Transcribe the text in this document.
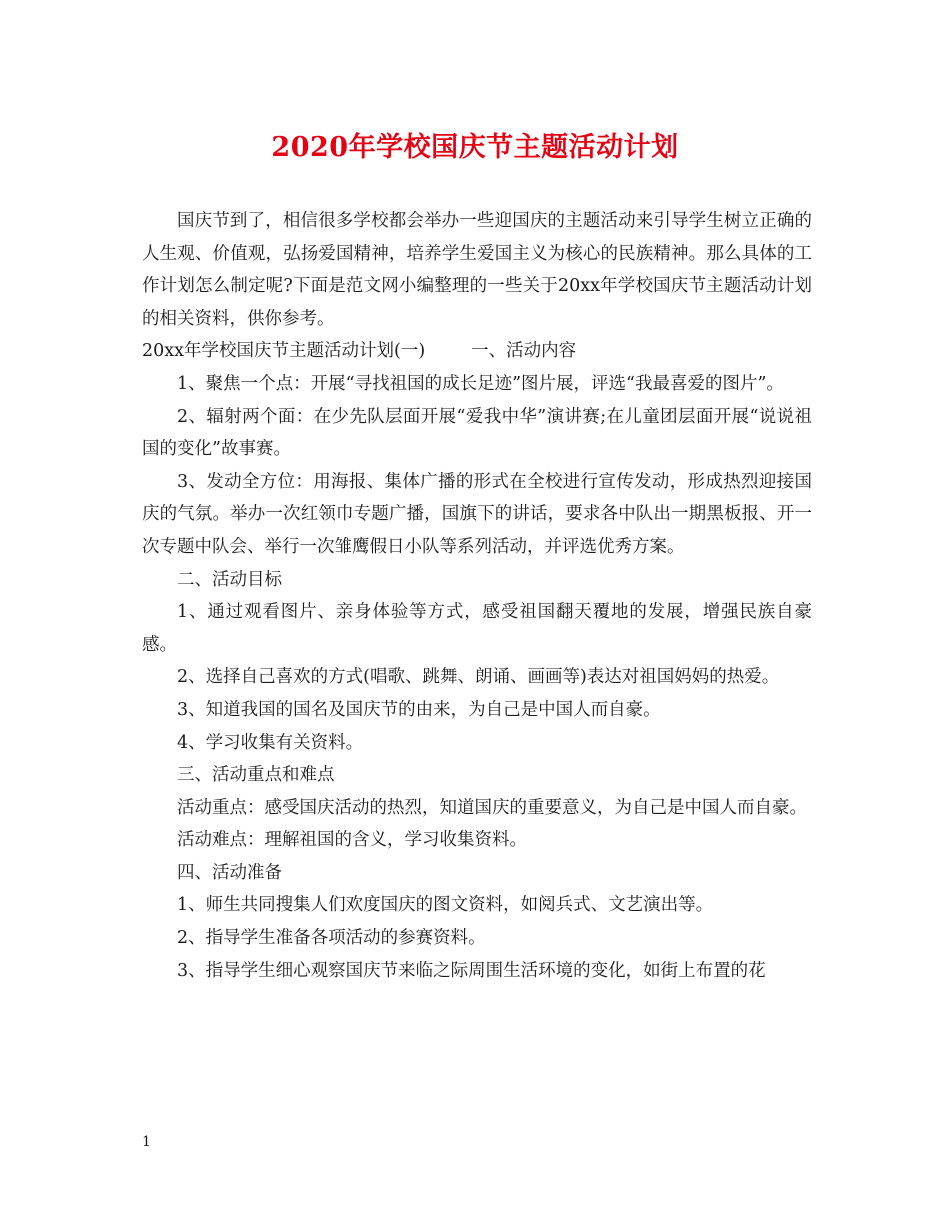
2020年学校国庆节主题活动计划

国庆节到了，相信很多学校都会举办一些迎国庆的主题活动来引导学生树立正确的人生观、价值观，弘扬爱国精神，培养学生爱国主义为核心的民族精神。那么具体的工作计划怎么制定呢?下面是范文网小编整理的一些关于20xx年学校国庆节主题活动计划的相关资料，供你参考。

20xx年学校国庆节主题活动计划(一)	一、活动内容

1、聚焦一个点：开展“寻找祖国的成长足迹”图片展，评选“我最喜爱的图片”。

2、辐射两个面：在少先队层面开展“爱我中华”演讲赛;在儿童团层面开展“说说祖国的变化”故事赛。

3、发动全方位：用海报、集体广播的形式在全校进行宣传发动，形成热烈迎接国庆的气氛。举办一次红领巾专题广播，国旗下的讲话，要求各中队出一期黑板报、开一次专题中队会、举行一次雏鹰假日小队等系列活动，并评选优秀方案。

二、活动目标

1、通过观看图片、亲身体验等方式，感受祖国翻天覆地的发展，增强民族自豪感。

2、选择自己喜欢的方式(唱歌、跳舞、朗诵、画画等)表达对祖国妈妈的热爱。

3、知道我国的国名及国庆节的由来，为自己是中国人而自豪。

4、学习收集有关资料。

三、活动重点和难点

活动重点：感受国庆活动的热烈，知道国庆的重要意义，为自己是中国人而自豪。

活动难点：理解祖国的含义，学习收集资料。

四、活动准备

1、师生共同搜集人们欢度国庆的图文资料，如阅兵式、文艺演出等。

2、指导学生准备各项活动的参赛资料。

3、指导学生细心观察国庆节来临之际周围生活环境的变化，如街上布置的花

1
